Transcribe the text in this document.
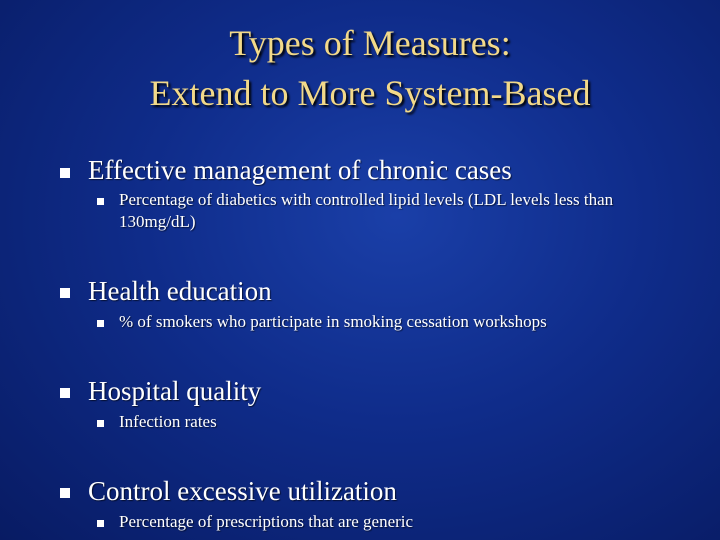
Types of Measures:
Extend to More System-Based
Effective management of chronic cases
Percentage of diabetics with controlled lipid levels (LDL levels less than 130mg/dL)
Health education
% of smokers who participate in smoking cessation workshops
Hospital quality
Infection rates
Control excessive utilization
Percentage of prescriptions that are generic
